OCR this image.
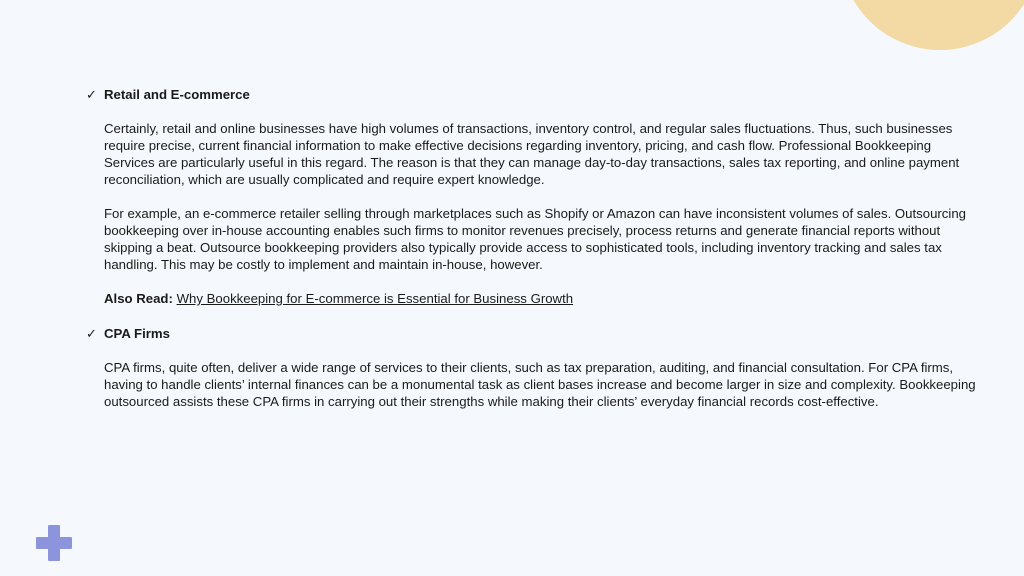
✓ Retail and E-commerce

Certainly, retail and online businesses have high volumes of transactions, inventory control, and regular sales fluctuations. Thus, such businesses require precise, current financial information to make effective decisions regarding inventory, pricing, and cash flow. Professional Bookkeeping Services are particularly useful in this regard. The reason is that they can manage day-to-day transactions, sales tax reporting, and online payment reconciliation, which are usually complicated and require expert knowledge.

For example, an e-commerce retailer selling through marketplaces such as Shopify or Amazon can have inconsistent volumes of sales. Outsourcing bookkeeping over in-house accounting enables such firms to monitor revenues precisely, process returns and generate financial reports without skipping a beat. Outsource bookkeeping providers also typically provide access to sophisticated tools, including inventory tracking and sales tax handling. This may be costly to implement and maintain in-house, however.

Also Read: Why Bookkeeping for E-commerce is Essential for Business Growth

✓ CPA Firms

CPA firms, quite often, deliver a wide range of services to their clients, such as tax preparation, auditing, and financial consultation. For CPA firms, having to handle clients’ internal finances can be a monumental task as client bases increase and become larger in size and complexity. Bookkeeping outsourced assists these CPA firms in carrying out their strengths while making their clients’ everyday financial records cost-effective.
